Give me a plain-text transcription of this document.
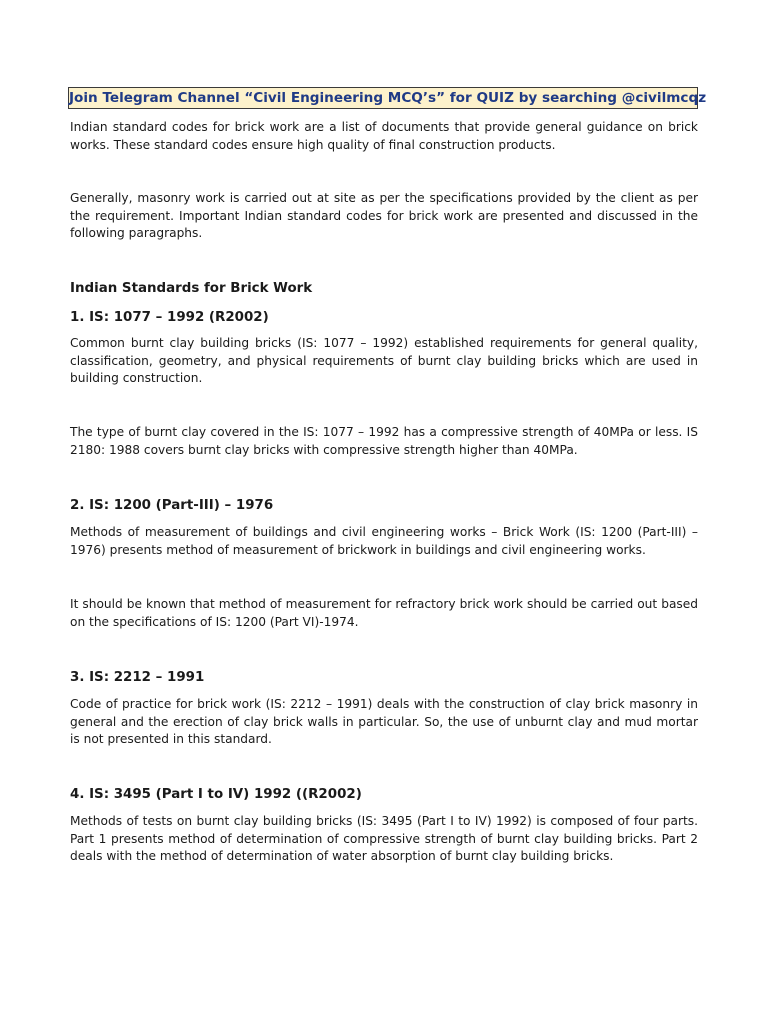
Join Telegram Channel “Civil Engineering MCQ’s” for QUIZ by searching @civilmcqz

Indian standard codes for brick work are a list of documents that provide general guidance on brick works. These standard codes ensure high quality of final construction products.

Generally, masonry work is carried out at site as per the specifications provided by the client as per the requirement. Important Indian standard codes for brick work are presented and discussed in the following paragraphs.

Indian Standards for Brick Work
1. IS: 1077 – 1992 (R2002)

Common burnt clay building bricks (IS: 1077 – 1992) established requirements for general quality, classification, geometry, and physical requirements of burnt clay building bricks which are used in building construction.

The type of burnt clay covered in the IS: 1077 – 1992 has a compressive strength of 40MPa or less. IS 2180: 1988 covers burnt clay bricks with compressive strength higher than 40MPa.

2. IS: 1200 (Part-III) – 1976

Methods of measurement of buildings and civil engineering works – Brick Work (IS: 1200 (Part-III) – 1976) presents method of measurement of brickwork in buildings and civil engineering works.

It should be known that method of measurement for refractory brick work should be carried out based on the specifications of IS: 1200 (Part VI)-1974.

3. IS: 2212 – 1991

Code of practice for brick work (IS: 2212 – 1991) deals with the construction of clay brick masonry in general and the erection of clay brick walls in particular. So, the use of unburnt clay and mud mortar is not presented in this standard.

4. IS: 3495 (Part I to IV) 1992 ((R2002)

Methods of tests on burnt clay building bricks (IS: 3495 (Part I to IV) 1992) is composed of four parts. Part 1 presents method of determination of compressive strength of burnt clay building bricks. Part 2 deals with the method of determination of water absorption of burnt clay building bricks.
